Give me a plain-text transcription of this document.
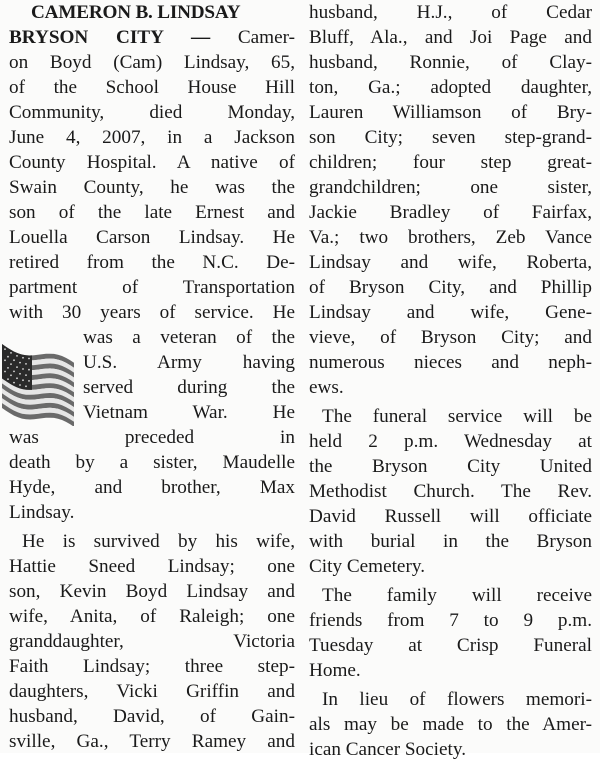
CAMERON B. LINDSAY
BRYSON CITY — Camer-
on Boyd (Cam) Lindsay, 65,
of the School House Hill
Community, died Monday,
June 4, 2007, in a Jackson
County Hospital. A native of
Swain County, he was the
son of the late Ernest and
Louella Carson Lindsay. He
retired from the N.C. De-
partment of Transportation
with 30 years of service. He
was a veteran of the
U.S. Army having
served during the
Vietnam War. He
was preceded in
death by a sister, Maudelle
Hyde, and brother, Max
Lindsay.
He is survived by his wife,
Hattie Sneed Lindsay; one
son, Kevin Boyd Lindsay and
wife, Anita, of Raleigh; one
granddaughter, Victoria
Faith Lindsay; three step-
daughters, Vicki Griffin and
husband, David, of Gain-
sville, Ga., Terry Ramey and
husband, H.J., of Cedar
Bluff, Ala., and Joi Page and
husband, Ronnie, of Clay-
ton, Ga.; adopted daughter,
Lauren Williamson of Bry-
son City; seven step-grand-
children; four step great-
grandchildren; one sister,
Jackie Bradley of Fairfax,
Va.; two brothers, Zeb Vance
Lindsay and wife, Roberta,
of Bryson City, and Phillip
Lindsay and wife, Gene-
vieve, of Bryson City; and
numerous nieces and neph-
ews.
The funeral service will be
held 2 p.m. Wednesday at
the Bryson City United
Methodist Church. The Rev.
David Russell will officiate
with burial in the Bryson
City Cemetery.
The family will receive
friends from 7 to 9 p.m.
Tuesday at Crisp Funeral
Home.
In lieu of flowers memori-
als may be made to the Amer-
ican Cancer Society.
